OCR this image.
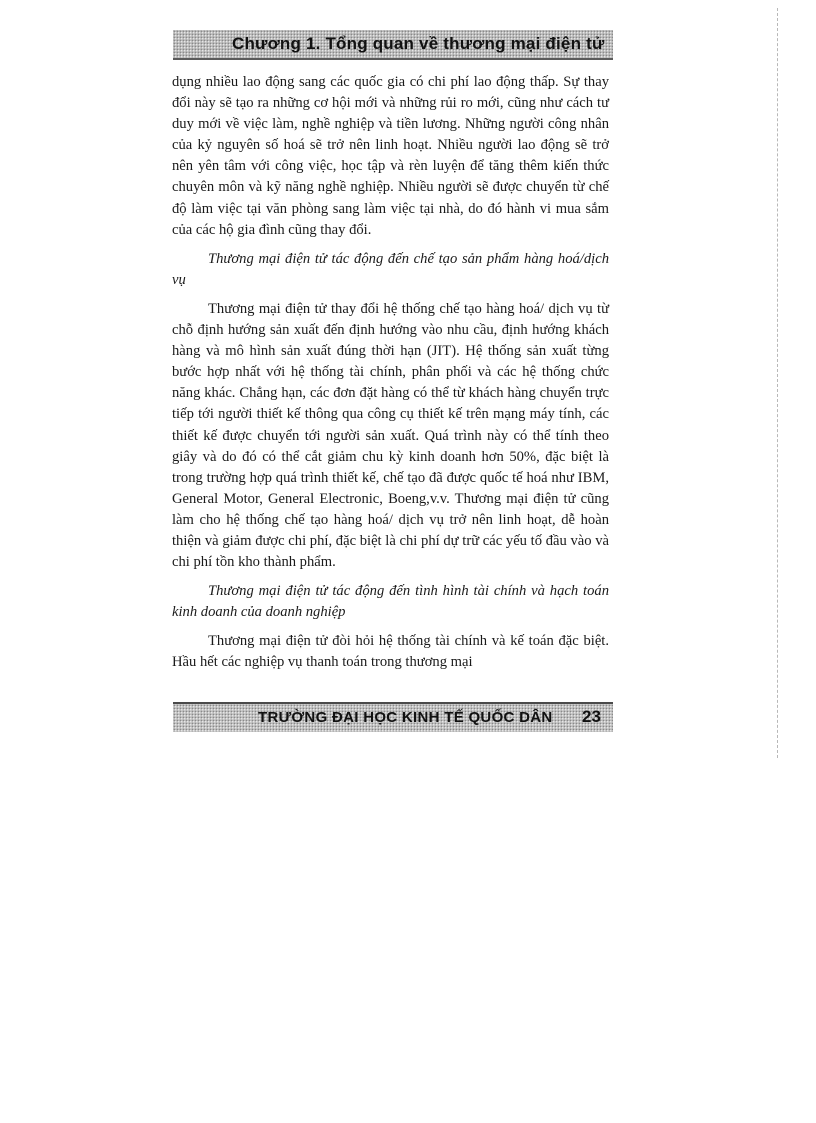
Chương 1. Tổng quan về thương mại điện tử

dụng nhiều lao động sang các quốc gia có chi phí lao động thấp. Sự thay đổi này sẽ tạo ra những cơ hội mới và những rủi ro mới, cũng như cách tư duy mới về việc làm, nghề nghiệp và tiền lương. Những người công nhân của kỷ nguyên số hoá sẽ trở nên linh hoạt. Nhiều người lao động sẽ trở nên yên tâm với công việc, học tập và rèn luyện để tăng thêm kiến thức chuyên môn và kỹ năng nghề nghiệp. Nhiều người sẽ được chuyển từ chế độ làm việc tại văn phòng sang làm việc tại nhà, do đó hành vi mua sắm của các hộ gia đình cũng thay đổi.

Thương mại điện tử tác động đến chế tạo sản phẩm hàng hoá/dịch vụ

Thương mại điện tử thay đổi hệ thống chế tạo hàng hoá/ dịch vụ từ chỗ định hướng sản xuất đến định hướng vào nhu cầu, định hướng khách hàng và mô hình sản xuất đúng thời hạn (JIT). Hệ thống sản xuất từng bước hợp nhất với hệ thống tài chính, phân phối và các hệ thống chức năng khác. Chẳng hạn, các đơn đặt hàng có thể từ khách hàng chuyển trực tiếp tới người thiết kế thông qua công cụ thiết kế trên mạng máy tính, các thiết kế được chuyển tới người sản xuất. Quá trình này có thể tính theo giây và do đó có thể cắt giảm chu kỳ kinh doanh hơn 50%, đặc biệt là trong trường hợp quá trình thiết kế, chế tạo đã được quốc tế hoá như IBM, General Motor, General Electronic, Boeng,v.v. Thương mại điện tử cũng làm cho hệ thống chế tạo hàng hoá/ dịch vụ trở nên linh hoạt, dễ hoàn thiện và giảm được chi phí, đặc biệt là chi phí dự trữ các yếu tố đầu vào và chi phí tồn kho thành phẩm.

Thương mại điện tử tác động đến tình hình tài chính và hạch toán kinh doanh của doanh nghiệp

Thương mại điện tử đòi hỏi hệ thống tài chính và kế toán đặc biệt. Hầu hết các nghiệp vụ thanh toán trong thương mại

TRƯỜNG ĐẠI HỌC KINH TẾ QUỐC DÂN 23
